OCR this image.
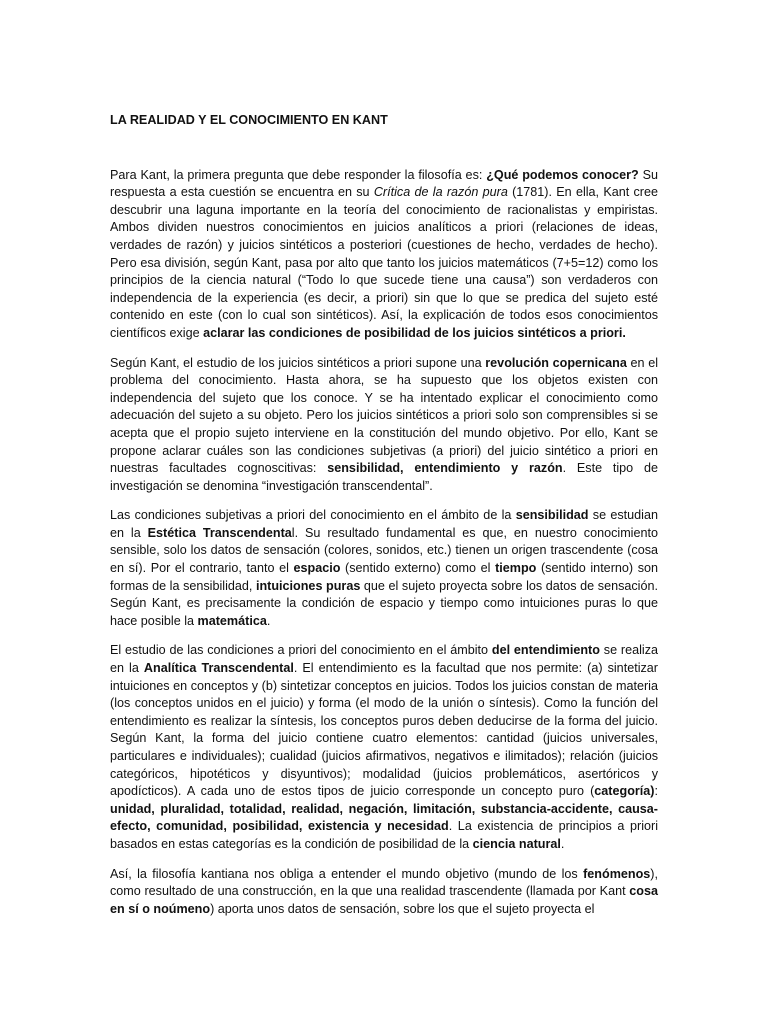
LA REALIDAD Y EL CONOCIMIENTO EN KANT

Para Kant, la primera pregunta que debe responder la filosofía es: ¿Qué podemos conocer? Su respuesta a esta cuestión se encuentra en su Crítica de la razón pura (1781). En ella, Kant cree descubrir una laguna importante en la teoría del conocimiento de racionalistas y empiristas. Ambos dividen nuestros conocimientos en juicios analíticos a priori (relaciones de ideas, verdades de razón) y juicios sintéticos a posteriori (cuestiones de hecho, verdades de hecho). Pero esa división, según Kant, pasa por alto que tanto los juicios matemáticos (7+5=12) como los principios de la ciencia natural (“Todo lo que sucede tiene una causa”) son verdaderos con independencia de la experiencia (es decir, a priori) sin que lo que se predica del sujeto esté contenido en este (con lo cual son sintéticos). Así, la explicación de todos esos conocimientos científicos exige aclarar las condiciones de posibilidad de los juicios sintéticos a priori.

Según Kant, el estudio de los juicios sintéticos a priori supone una revolución copernicana en el problema del conocimiento. Hasta ahora, se ha supuesto que los objetos existen con independencia del sujeto que los conoce. Y se ha intentado explicar el conocimiento como adecuación del sujeto a su objeto. Pero los juicios sintéticos a priori solo son comprensibles si se acepta que el propio sujeto interviene en la constitución del mundo objetivo. Por ello, Kant se propone aclarar cuáles son las condiciones subjetivas (a priori) del juicio sintético a priori en nuestras facultades cognoscitivas: sensibilidad, entendimiento y razón. Este tipo de investigación se denomina “investigación transcendental”.

Las condiciones subjetivas a priori del conocimiento en el ámbito de la sensibilidad se estudian en la Estética Transcendental. Su resultado fundamental es que, en nuestro conocimiento sensible, solo los datos de sensación (colores, sonidos, etc.) tienen un origen trascendente (cosa en sí). Por el contrario, tanto el espacio (sentido externo) como el tiempo (sentido interno) son formas de la sensibilidad, intuiciones puras que el sujeto proyecta sobre los datos de sensación. Según Kant, es precisamente la condición de espacio y tiempo como intuiciones puras lo que hace posible la matemática.

El estudio de las condiciones a priori del conocimiento en el ámbito del entendimiento se realiza en la Analítica Transcendental. El entendimiento es la facultad que nos permite: (a) sintetizar intuiciones en conceptos y (b) sintetizar conceptos en juicios. Todos los juicios constan de materia (los conceptos unidos en el juicio) y forma (el modo de la unión o síntesis). Como la función del entendimiento es realizar la síntesis, los conceptos puros deben deducirse de la forma del juicio. Según Kant, la forma del juicio contiene cuatro elementos: cantidad (juicios universales, particulares e individuales); cualidad (juicios afirmativos, negativos e ilimitados); relación (juicios categóricos, hipotéticos y disyuntivos); modalidad (juicios problemáticos, asertóricos y apodícticos). A cada uno de estos tipos de juicio corresponde un concepto puro (categoría): unidad, pluralidad, totalidad, realidad, negación, limitación, substancia-accidente, causa-efecto, comunidad, posibilidad, existencia y necesidad. La existencia de principios a priori basados en estas categorías es la condición de posibilidad de la ciencia natural.

Así, la filosofía kantiana nos obliga a entender el mundo objetivo (mundo de los fenómenos), como resultado de una construcción, en la que una realidad trascendente (llamada por Kant cosa en sí o noúmeno) aporta unos datos de sensación, sobre los que el sujeto proyecta el
